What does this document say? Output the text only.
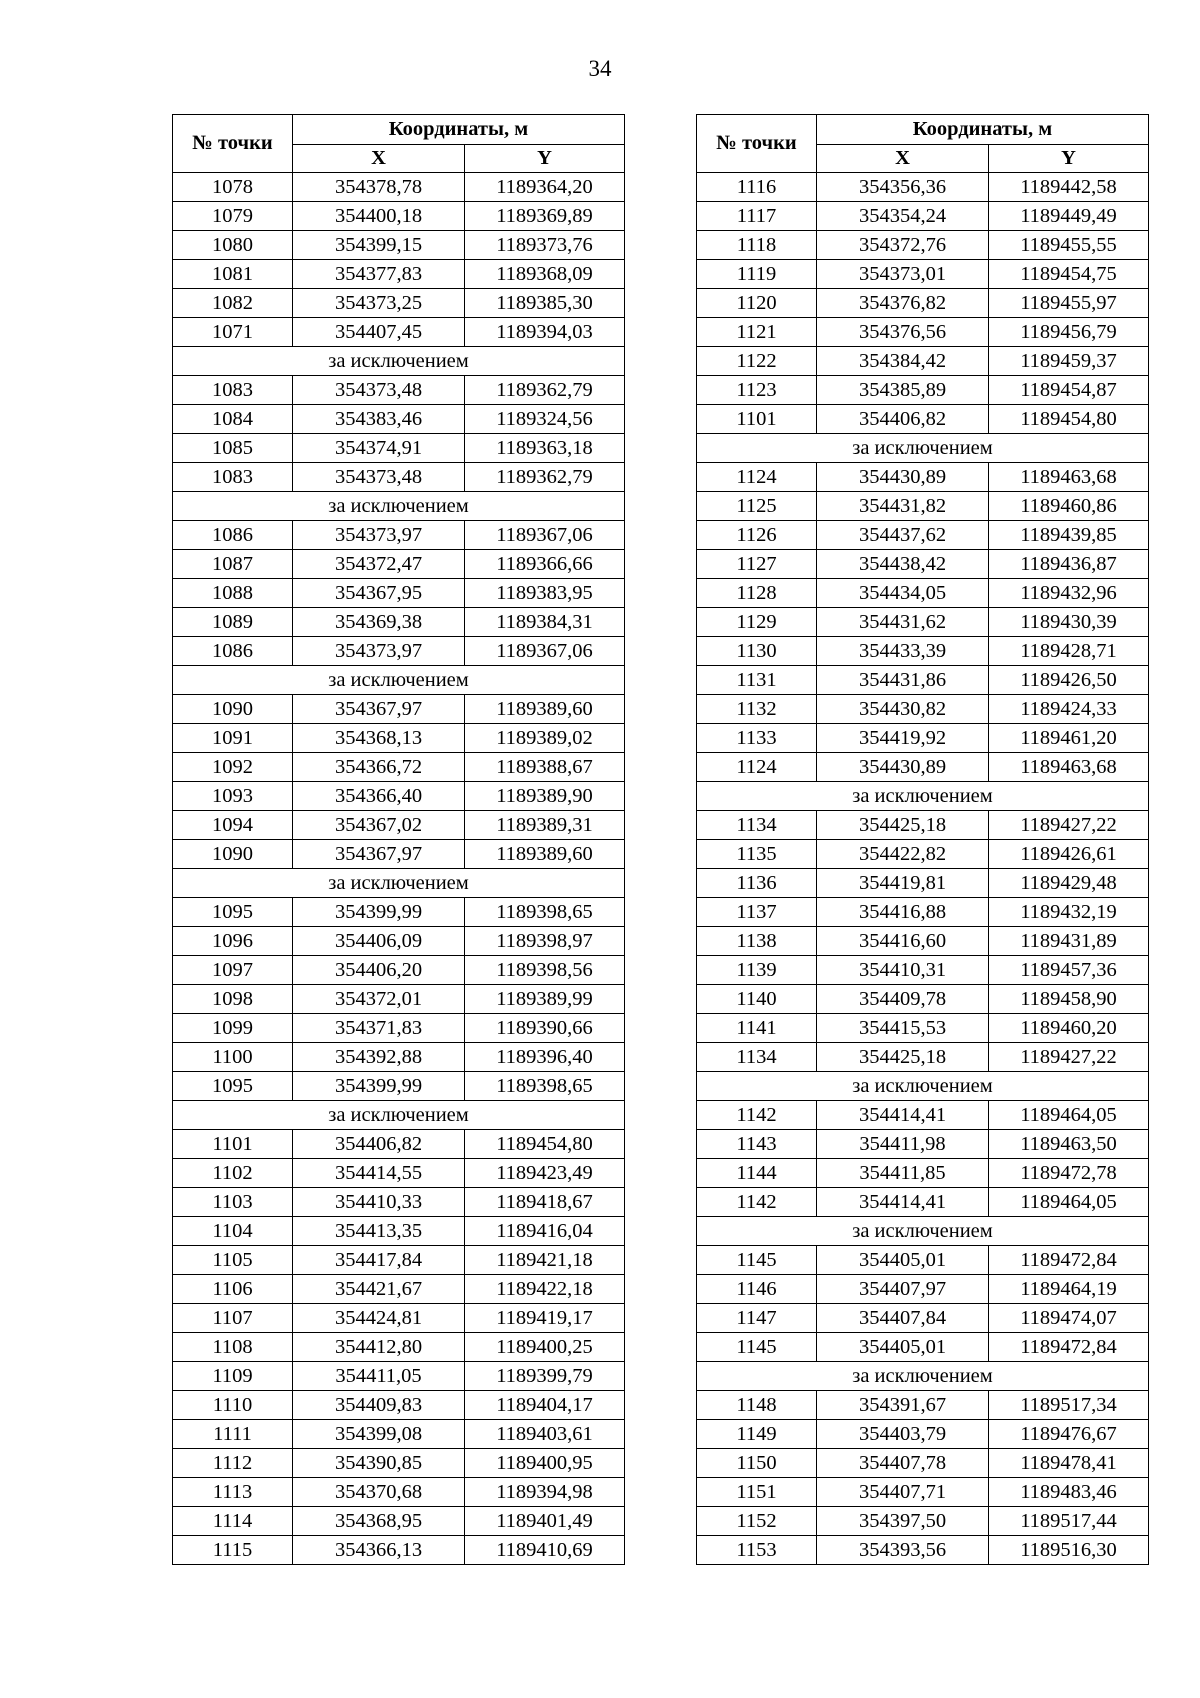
34
№ точки	Координаты, м	
	X	Y
1078	354378,78	1189364,20
1079	354400,18	1189369,89
1080	354399,15	1189373,76
1081	354377,83	1189368,09
1082	354373,25	1189385,30
1071	354407,45	1189394,03
за исключением		
1083	354373,48	1189362,79
1084	354383,46	1189324,56
1085	354374,91	1189363,18
1083	354373,48	1189362,79
за исключением		
1086	354373,97	1189367,06
1087	354372,47	1189366,66
1088	354367,95	1189383,95
1089	354369,38	1189384,31
1086	354373,97	1189367,06
за исключением		
1090	354367,97	1189389,60
1091	354368,13	1189389,02
1092	354366,72	1189388,67
1093	354366,40	1189389,90
1094	354367,02	1189389,31
1090	354367,97	1189389,60
за исключением		
1095	354399,99	1189398,65
1096	354406,09	1189398,97
1097	354406,20	1189398,56
1098	354372,01	1189389,99
1099	354371,83	1189390,66
1100	354392,88	1189396,40
1095	354399,99	1189398,65
за исключением		
1101	354406,82	1189454,80
1102	354414,55	1189423,49
1103	354410,33	1189418,67
1104	354413,35	1189416,04
1105	354417,84	1189421,18
1106	354421,67	1189422,18
1107	354424,81	1189419,17
1108	354412,80	1189400,25
1109	354411,05	1189399,79
1110	354409,83	1189404,17
1111	354399,08	1189403,61
1112	354390,85	1189400,95
1113	354370,68	1189394,98
1114	354368,95	1189401,49
1115	354366,13	1189410,69
№ точки	Координаты, м	
	X	Y
1116	354356,36	1189442,58
1117	354354,24	1189449,49
1118	354372,76	1189455,55
1119	354373,01	1189454,75
1120	354376,82	1189455,97
1121	354376,56	1189456,79
1122	354384,42	1189459,37
1123	354385,89	1189454,87
1101	354406,82	1189454,80
за исключением		
1124	354430,89	1189463,68
1125	354431,82	1189460,86
1126	354437,62	1189439,85
1127	354438,42	1189436,87
1128	354434,05	1189432,96
1129	354431,62	1189430,39
1130	354433,39	1189428,71
1131	354431,86	1189426,50
1132	354430,82	1189424,33
1133	354419,92	1189461,20
1124	354430,89	1189463,68
за исключением		
1134	354425,18	1189427,22
1135	354422,82	1189426,61
1136	354419,81	1189429,48
1137	354416,88	1189432,19
1138	354416,60	1189431,89
1139	354410,31	1189457,36
1140	354409,78	1189458,90
1141	354415,53	1189460,20
1134	354425,18	1189427,22
за исключением		
1142	354414,41	1189464,05
1143	354411,98	1189463,50
1144	354411,85	1189472,78
1142	354414,41	1189464,05
за исключением		
1145	354405,01	1189472,84
1146	354407,97	1189464,19
1147	354407,84	1189474,07
1145	354405,01	1189472,84
за исключением		
1148	354391,67	1189517,34
1149	354403,79	1189476,67
1150	354407,78	1189478,41
1151	354407,71	1189483,46
1152	354397,50	1189517,44
1153	354393,56	1189516,30
